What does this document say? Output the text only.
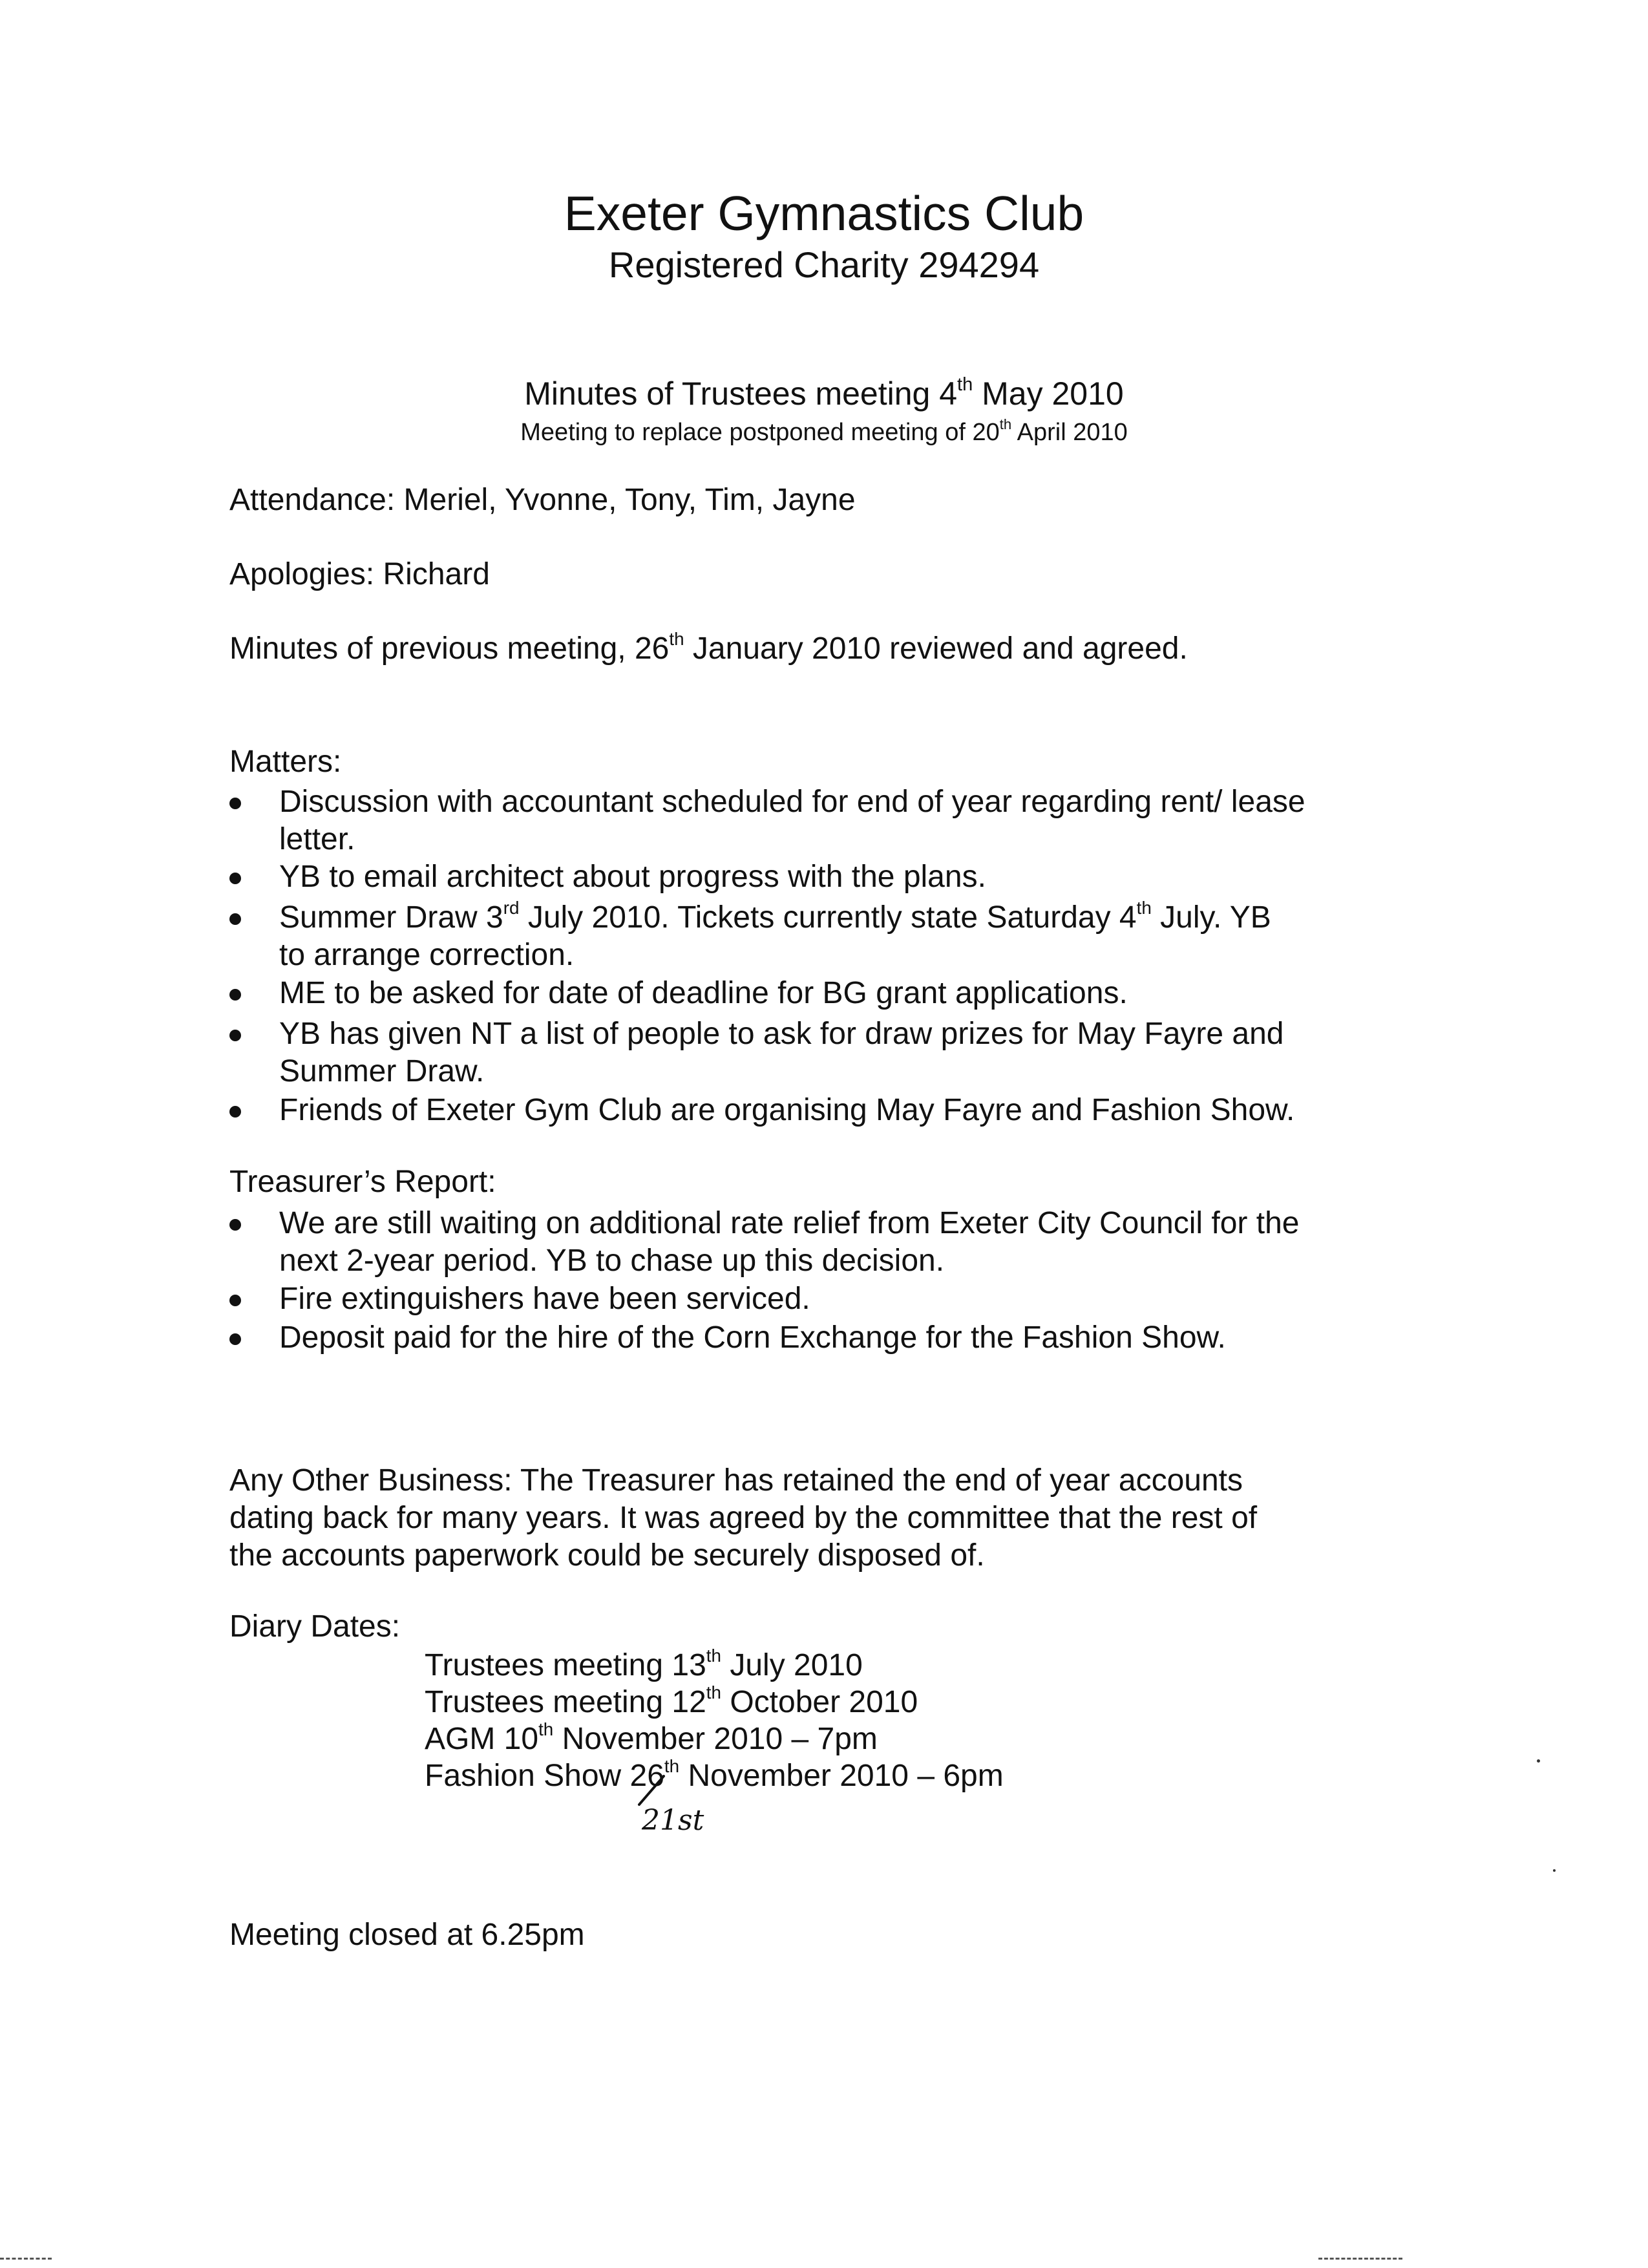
Exeter Gymnastics Club
Registered Charity 294294
Minutes of Trustees meeting 4th May 2010
Meeting to replace postponed meeting of 20th April 2010
Attendance: Meriel, Yvonne, Tony, Tim, Jayne
Apologies: Richard
Minutes of previous meeting, 26th January 2010 reviewed and agreed.
Matters:
Discussion with accountant scheduled for end of year regarding rent/ lease
letter.
YB to email architect about progress with the plans.
Summer Draw 3rd July 2010. Tickets currently state Saturday 4th July. YB
to arrange correction.
ME to be asked for date of deadline for BG grant applications.
YB has given NT a list of people to ask for draw prizes for May Fayre and
Summer Draw.
Friends of Exeter Gym Club are organising May Fayre and Fashion Show.
Treasurer’s Report:
We are still waiting on additional rate relief from Exeter City Council for the
next 2-year period. YB to chase up this decision.
Fire extinguishers have been serviced.
Deposit paid for the hire of the Corn Exchange for the Fashion Show.
Any Other Business: The Treasurer has retained the end of year accounts
dating back for many years. It was agreed by the committee that the rest of
the accounts paperwork could be securely disposed of.
Diary Dates:
Trustees meeting 13th July 2010
Trustees meeting 12th October 2010
AGM 10th November 2010 – 7pm
Fashion Show 26th November 2010 – 6pm
21st
Meeting closed at 6.25pm
